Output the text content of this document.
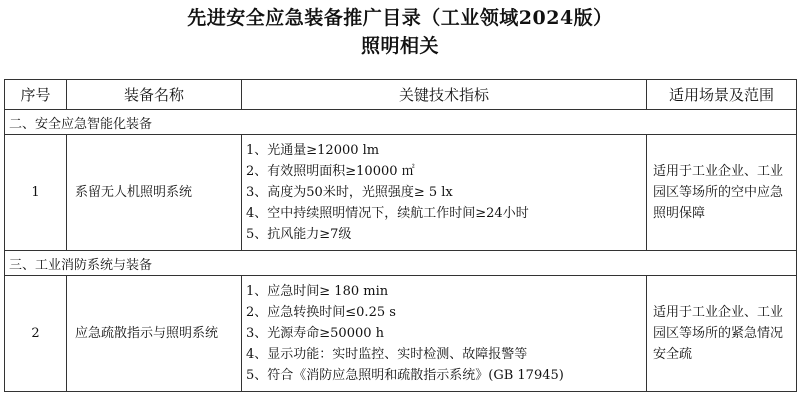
先进安全应急装备推广目录（工业领域2024版）
照明相关
序号	装备名称	关键技术指标	适用场景及范围
二、安全应急智能化装备			
1	系留无人机照明系统	1、光通量≥12000 lm
2、有效照明面积≥10000 ㎡
3、高度为50米时，光照强度≥ 5 lx
4、空中持续照明情况下，续航工作时间≥24小时
5、抗风能力≥7级	适用于工业企业、工业园区等场所的空中应急照明保障
三、工业消防系统与装备			
2	应急疏散指示与照明系统	1、应急时间≥ 180 min
2、应急转换时间≤0.25 s
3、光源寿命≥50000 h
4、显示功能：实时监控、实时检测、故障报警等
5、符合《消防应急照明和疏散指示系统》(GB 17945)	适用于工业企业、工业园区等场所的紧急情况安全疏
